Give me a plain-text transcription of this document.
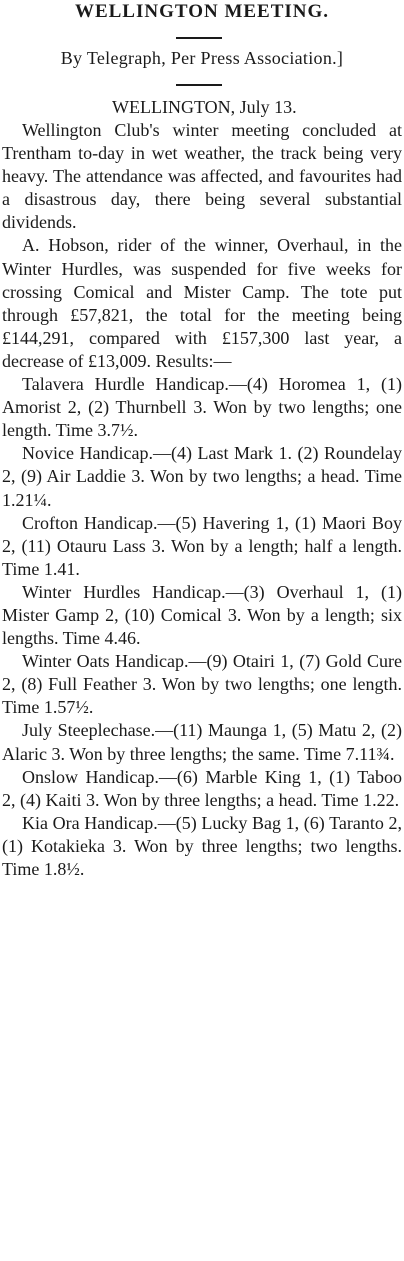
WELLINGTON MEETING.
By Telegraph, Per Press Association.]

WELLINGTON, July 13.

Wellington Club's winter meeting concluded at Trentham to-day in wet weather, the track being very heavy. The attendance was affected, and favourites had a disastrous day, there being several substantial dividends.

A. Hobson, rider of the winner, Overhaul, in the Winter Hurdles, was suspended for five weeks for crossing Comical and Mister Camp. The tote put through £57,821, the total for the meeting being £144,291, compared with £157,300 last year, a decrease of £13,009. Results:—

Talavera Hurdle Handicap.—(4) Horomea 1, (1) Amorist 2, (2) Thurnbell 3. Won by two lengths; one length. Time 3.7½.

Novice Handicap.—(4) Last Mark 1. (2) Roundelay 2, (9) Air Laddie 3. Won by two lengths; a head. Time 1.21¼.

Crofton Handicap.—(5) Havering 1, (1) Maori Boy 2, (11) Otauru Lass 3. Won by a length; half a length. Time 1.41.

Winter Hurdles Handicap.—(3) Overhaul 1, (1) Mister Gamp 2, (10) Comical 3. Won by a length; six lengths. Time 4.46.

Winter Oats Handicap.—(9) Otairi 1, (7) Gold Cure 2, (8) Full Feather 3. Won by two lengths; one length. Time 1.57½.

July Steeplechase.—(11) Maunga 1, (5) Matu 2, (2) Alaric 3. Won by three lengths; the same. Time 7.11¾.

Onslow Handicap.—(6) Marble King 1, (1) Taboo 2, (4) Kaiti 3. Won by three lengths; a head. Time 1.22.

Kia Ora Handicap.—(5) Lucky Bag 1, (6) Taranto 2, (1) Kotakieka 3. Won by three lengths; two lengths. Time 1.8½.
